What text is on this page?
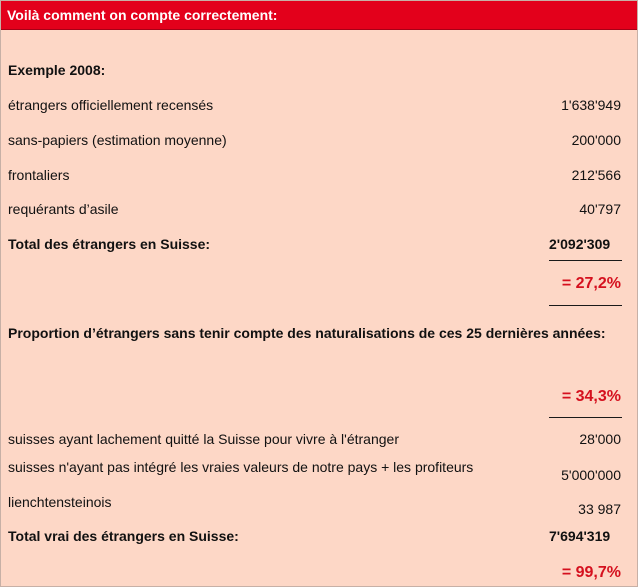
Voilà comment on compte correctement:
Exemple 2008:
étrangers officiellement recensés	1'638'949
sans-papiers (estimation moyenne)	200'000
frontaliers	212'566
requérants d’asile	40'797
Total des étrangers en Suisse:	2'092'309
= 27,2%
Proportion d’étrangers sans tenir compte des naturalisations de ces 25 dernières années:
= 34,3%
suisses ayant lachement quitté la Suisse pour vivre à l'étranger	28'000
suisses n'ayant pas intégré les vraies valeurs de notre pays + les profiteurs	5'000'000
lienchtensteinois	33 987
Total vrai des étrangers en Suisse:	7'694'319
= 99,7%
